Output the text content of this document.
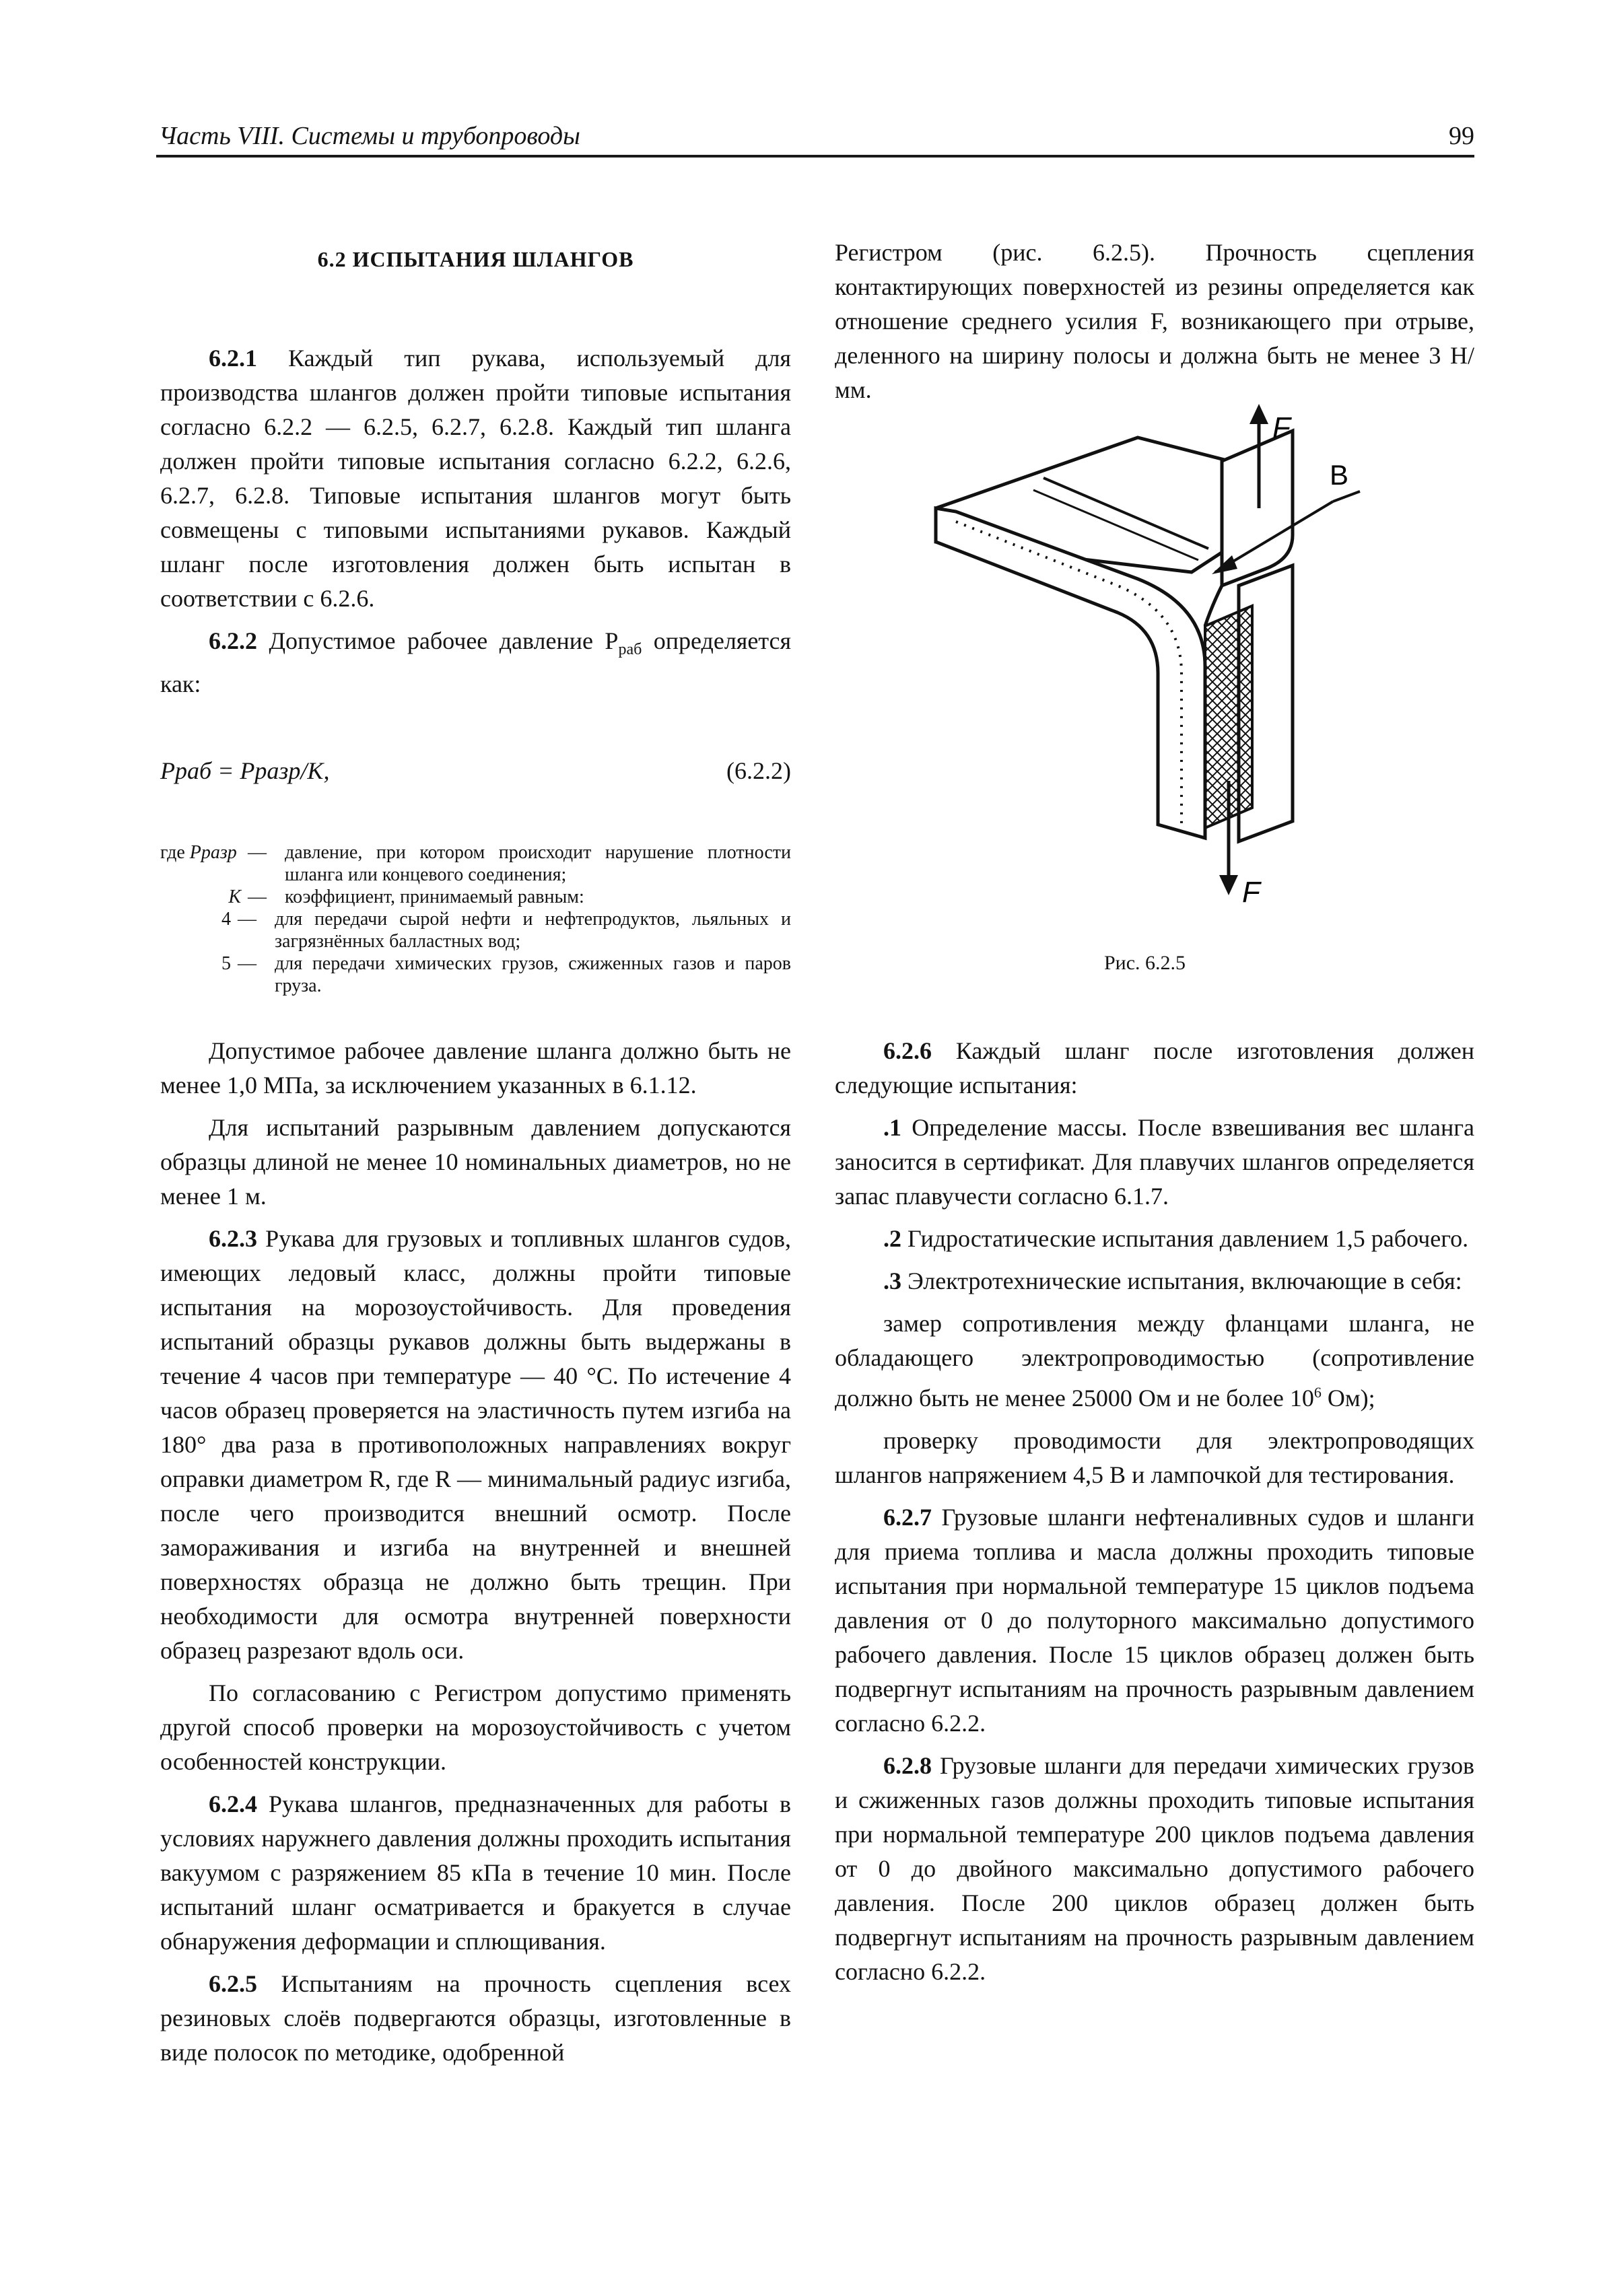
Часть VIII. Системы и трубопроводы	99

6.2 ИСПЫТАНИЯ ШЛАНГОВ

6.2.1 Каждый тип рукава, используемый для производства шлангов должен пройти типовые испытания согласно 6.2.2 — 6.2.5, 6.2.7, 6.2.8. Каждый тип шланга должен пройти типовые испытания согласно 6.2.2, 6.2.6, 6.2.7, 6.2.8. Типовые испытания шлангов могут быть совмещены с типовыми испытаниями рукавов. Каждый шланг после изготовления должен быть испытан в соответствии с 6.2.6.

6.2.2 Допустимое рабочее давление $P_{раб}$ определяется как:

Pраб = Pразр/K,	(6.2.2)
где Pразр — давление, при котором происходит нарушение плотности шланга или концевого соединения;
K — коэффициент, принимаемый равным:
4 — для передачи сырой нефти и нефтепродуктов, льяльных и загрязнённых балластных вод;
5 — для передачи химических грузов, сжиженных газов и паров груза.

Регистром (рис. 6.2.5). Прочность сцепления контактирующих поверхностей из резины определяется как отношение среднего усилия F, возникающего при отрыве, деленного на ширину полосы и должна быть не менее 3 Н/мм.

F
B
F
Рис. 6.2.5

Допустимое рабочее давление шланга должно быть не менее 1,0 МПа, за исключением указанных в 6.1.12.

Для испытаний разрывным давлением допускаются образцы длиной не менее 10 номинальных диаметров, но не менее 1 м.

6.2.3 Рукава для грузовых и топливных шлангов судов, имеющих ледовый класс, должны пройти типовые испытания на морозоустойчивость. Для проведения испытаний образцы рукавов должны быть выдержаны в течение 4 часов при температуре — 40 °С. По истечение 4 часов образец проверяется на эластичность путем изгиба на 180° два раза в противоположных направлениях вокруг оправки диаметром R, где R — минимальный радиус изгиба, после чего производится внешний осмотр. После замораживания и изгиба на внутренней и внешней поверхностях образца не должно быть трещин. При необходимости для осмотра внутренней поверхности образец разрезают вдоль оси.

По согласованию с Регистром допустимо применять другой способ проверки на морозоустойчивость с учетом особенностей конструкции.

6.2.4 Рукава шлангов, предназначенных для работы в условиях наружнего давления должны проходить испытания вакуумом с разряжением 85 кПа в течение 10 мин. После испытаний шланг осматривается и бракуется в случае обнаружения деформации и сплющивания.

6.2.5 Испытаниям на прочность сцепления всех резиновых слоёв подвергаются образцы, изготовленные в виде полосок по методике, одобренной

6.2.6 Каждый шланг после изготовления должен следующие испытания:

.1 Определение массы. После взвешивания вес шланга заносится в сертификат. Для плавучих шлангов определяется запас плавучести согласно 6.1.7.

.2 Гидростатические испытания давлением 1,5 рабочего.

.3 Электротехнические испытания, включающие в себя:

замер сопротивления между фланцами шланга, не обладающего электропроводимостью (сопротивление должно быть не менее 25000 Ом и не более $10^6$ Ом);

проверку проводимости для электропроводящих шлангов напряжением 4,5 В и лампочкой для тестирования.

6.2.7 Грузовые шланги нефтеналивных судов и шланги для приема топлива и масла должны проходить типовые испытания при нормальной температуре 15 циклов подъема давления от 0 до полуторного максимально допустимого рабочего давления. После 15 циклов образец должен быть подвергнут испытаниям на прочность разрывным давлением согласно 6.2.2.

6.2.8 Грузовые шланги для передачи химических грузов и сжиженных газов должны проходить типовые испытания при нормальной температуре 200 циклов подъема давления от 0 до двойного максимально допустимого рабочего давления. После 200 циклов образец должен быть подвергнут испытаниям на прочность разрывным давлением согласно 6.2.2.
